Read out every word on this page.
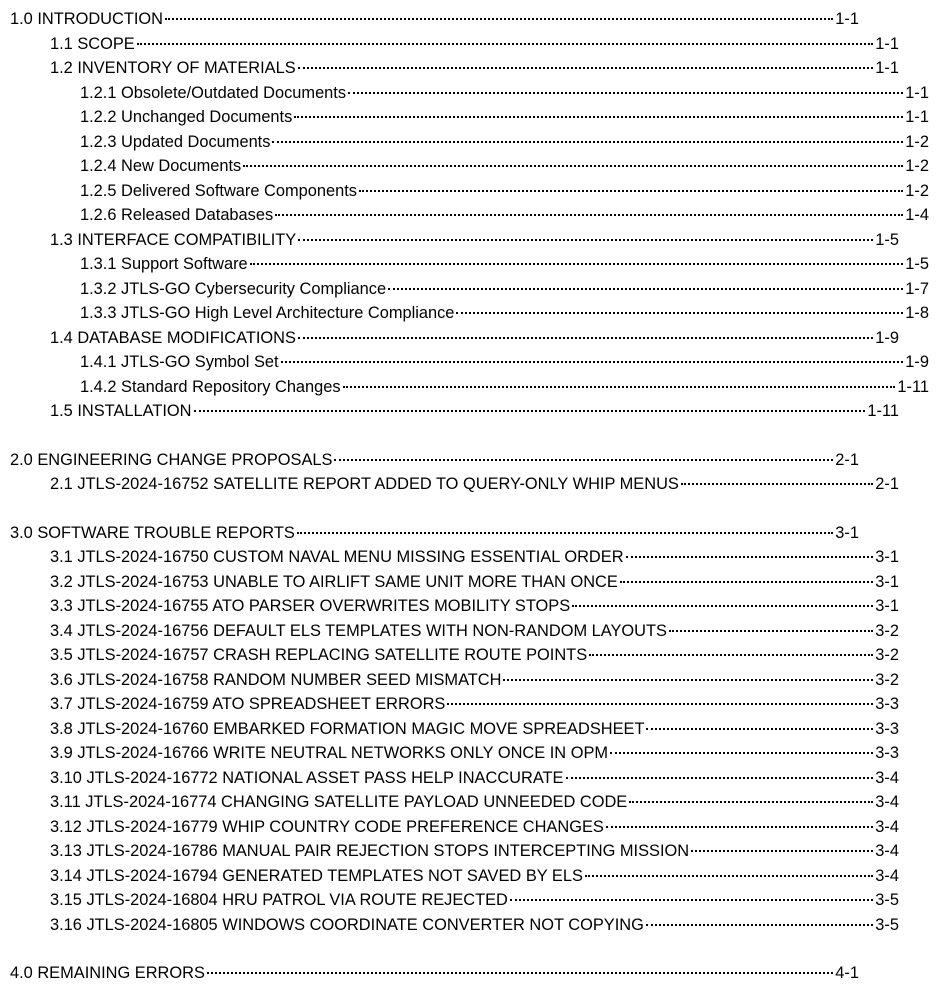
1.0 INTRODUCTION	1-1
1.1 SCOPE	1-1
1.2 INVENTORY OF MATERIALS	1-1
1.2.1 Obsolete/Outdated Documents	1-1
1.2.2 Unchanged Documents	1-1
1.2.3 Updated Documents	1-2
1.2.4 New Documents	1-2
1.2.5 Delivered Software Components	1-2
1.2.6 Released Databases	1-4
1.3 INTERFACE COMPATIBILITY	1-5
1.3.1 Support Software	1-5
1.3.2 JTLS-GO Cybersecurity Compliance	1-7
1.3.3 JTLS-GO High Level Architecture Compliance	1-8
1.4 DATABASE MODIFICATIONS	1-9
1.4.1 JTLS-GO Symbol Set	1-9
1.4.2 Standard Repository Changes	1-11
1.5 INSTALLATION	1-11
2.0 ENGINEERING CHANGE PROPOSALS	2-1
2.1 JTLS-2024-16752 SATELLITE REPORT ADDED TO QUERY-ONLY WHIP MENUS	2-1
3.0 SOFTWARE TROUBLE REPORTS	3-1
3.1 JTLS-2024-16750 CUSTOM NAVAL MENU MISSING ESSENTIAL ORDER	3-1
3.2 JTLS-2024-16753 UNABLE TO AIRLIFT SAME UNIT MORE THAN ONCE	3-1
3.3 JTLS-2024-16755 ATO PARSER OVERWRITES MOBILITY STOPS	3-1
3.4 JTLS-2024-16756 DEFAULT ELS TEMPLATES WITH NON-RANDOM LAYOUTS	3-2
3.5 JTLS-2024-16757 CRASH REPLACING SATELLITE ROUTE POINTS	3-2
3.6 JTLS-2024-16758 RANDOM NUMBER SEED MISMATCH	3-2
3.7 JTLS-2024-16759 ATO SPREADSHEET ERRORS	3-3
3.8 JTLS-2024-16760 EMBARKED FORMATION MAGIC MOVE SPREADSHEET	3-3
3.9 JTLS-2024-16766 WRITE NEUTRAL NETWORKS ONLY ONCE IN OPM	3-3
3.10 JTLS-2024-16772 NATIONAL ASSET PASS HELP INACCURATE	3-4
3.11 JTLS-2024-16774 CHANGING SATELLITE PAYLOAD UNNEEDED CODE	3-4
3.12 JTLS-2024-16779 WHIP COUNTRY CODE PREFERENCE CHANGES	3-4
3.13 JTLS-2024-16786 MANUAL PAIR REJECTION STOPS INTERCEPTING MISSION	3-4
3.14 JTLS-2024-16794 GENERATED TEMPLATES NOT SAVED BY ELS	3-4
3.15 JTLS-2024-16804 HRU PATROL VIA ROUTE REJECTED	3-5
3.16 JTLS-2024-16805 WINDOWS COORDINATE CONVERTER NOT COPYING	3-5
4.0 REMAINING ERRORS	4-1
